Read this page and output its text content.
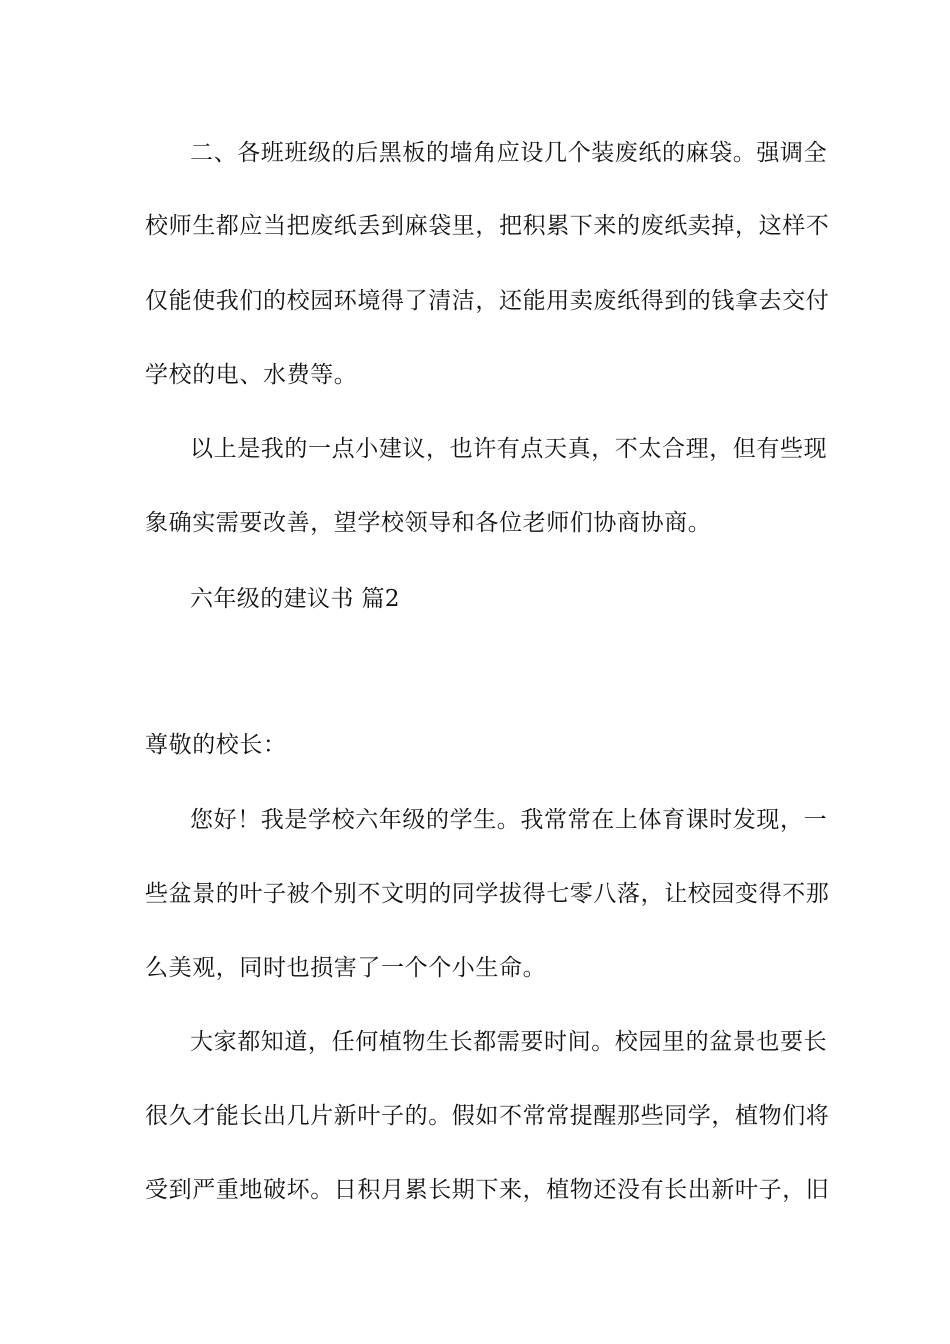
二、各班班级的后黑板的墙角应设几个装废纸的麻袋。强调全
校师生都应当把废纸丢到麻袋里，把积累下来的废纸卖掉，这样不
仅能使我们的校园环境得了清洁，还能用卖废纸得到的钱拿去交付
学校的电、水费等。
以上是我的一点小建议，也许有点天真，不太合理，但有些现
象确实需要改善，望学校领导和各位老师们协商协商。
六年级的建议书 篇2
尊敬的校长：
您好！我是学校六年级的学生。我常常在上体育课时发现，一
些盆景的叶子被个别不文明的同学拔得七零八落，让校园变得不那
么美观，同时也损害了一个个小生命。
大家都知道，任何植物生长都需要时间。校园里的盆景也要长
很久才能长出几片新叶子的。假如不常常提醒那些同学，植物们将
受到严重地破坏。日积月累长期下来，植物还没有长出新叶子，旧
